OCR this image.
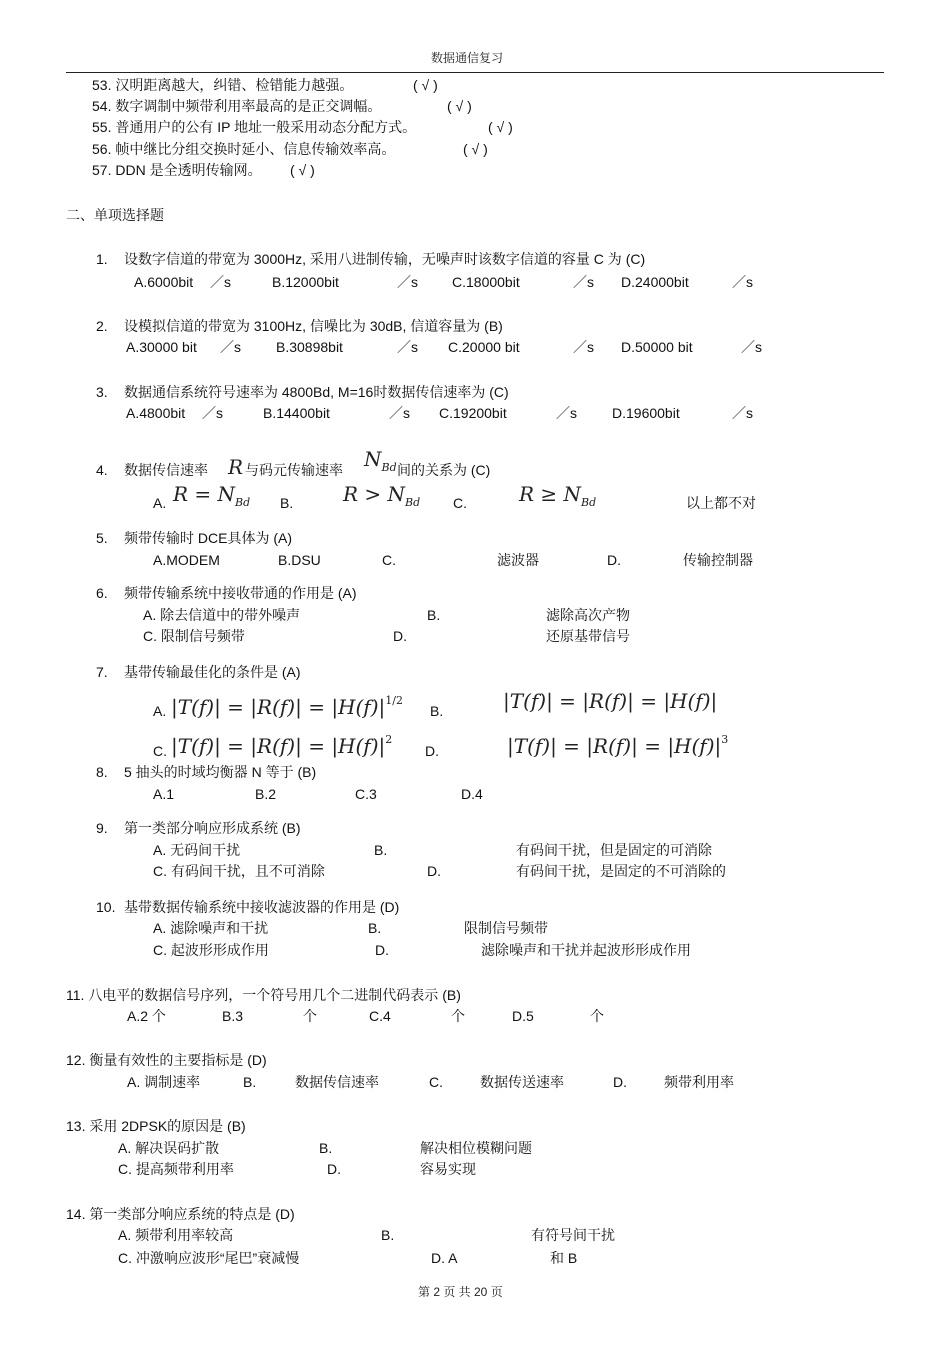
数据通信复习
53. 汉明距离越大，纠错、检错能力越强。	( √ )
54. 数字调制中频带利用率最高的是正交调幅。	( √ )
55. 普通用户的公有 IP 地址一般采用动态分配方式。	( √ )
56. 帧中继比分组交换时延小、信息传输效率高。	( √ )
57. DDN 是全透明传输网。 ( √ )
二、单项选择题
1. 设数字信道的带宽为 3000Hz, 采用八进制传输，无噪声时该数字信道的容量 C 为 (C)
A.6000bit ／s	B.12000bit	／s C.18000bit	／s D.24000bit	／s
2. 设模拟信道的带宽为 3100Hz, 信噪比为 30dB, 信道容量为 (B)
A.30000 bit ／s	B.30898bit	／s C.20000 bit	／s D.50000 bit	／s
3. 数据通信系统符号速率为 4800Bd, M=16时数据传信速率为 (C)
A.4800bit ／s	B.14400bit	／s C.19200bit	／s	D.19600bit	／s
4. 数据传信速率 R 与码元传输速率 $N_{Bd}$ 间的关系为 (C)
A. $R = N_{Bd}$ B. $R > N_{Bd}$ C.	$R \ge N_{Bd}$	以上都不对
5. 频带传输时 DCE具体为 (A)
A.MODEM	B.DSU	C.	滤波器	D.	传输控制器
6. 频带传输系统中接收带通的作用是 (A)
A. 除去信道中的带外噪声	B.	滤除高次产物
C. 限制信号频带	D.	还原基带信号
7. 基带传输最佳化的条件是 (A)
A. $|T(f)| = |R(f)| = |H(f)|^{1/2}$
B.	|T(f)| = |R(f)| = |H(f)|
C. $|T(f)| = |R(f)| = |H(f)|^2$
D.	$|T(f)| = |R(f)| = |H(f)|^3$
8. 5 抽头的时域均衡器 N 等于 (B)
A.1	B.2	C.3	D.4
9. 第一类部分响应形成系统 (B)
A. 无码间干扰	B.	有码间干扰，但是固定的可消除
C. 有码间干扰，且不可消除	D.	有码间干扰，是固定的不可消除的
10. 基带数据传输系统中接收滤波器的作用是 (D)
A. 滤除噪声和干扰	B.	限制信号频带
C. 起波形形成作用	D.	滤除噪声和干扰并起波形形成作用
11. 八电平的数据信号序列，一个符号用几个二进制代码表示 (B)
A.2 个	B.3	个	C.4	个	D.5	个
12. 衡量有效性的主要指标是 (D)
A. 调制速率	B.	数据传信速率	C.	数据传送速率	D.	频带利用率
13. 采用 2DPSK的原因是 (B)
A. 解决误码扩散	B.	解决相位模糊问题
C. 提高频带利用率	D.	容易实现
14. 第一类部分响应系统的特点是 (D)
A. 频带利用率较高	B.	有符号间干扰
C. 冲激响应波形“尾巴”衰减慢	D. A	和 B
第 2 页 共 20 页
